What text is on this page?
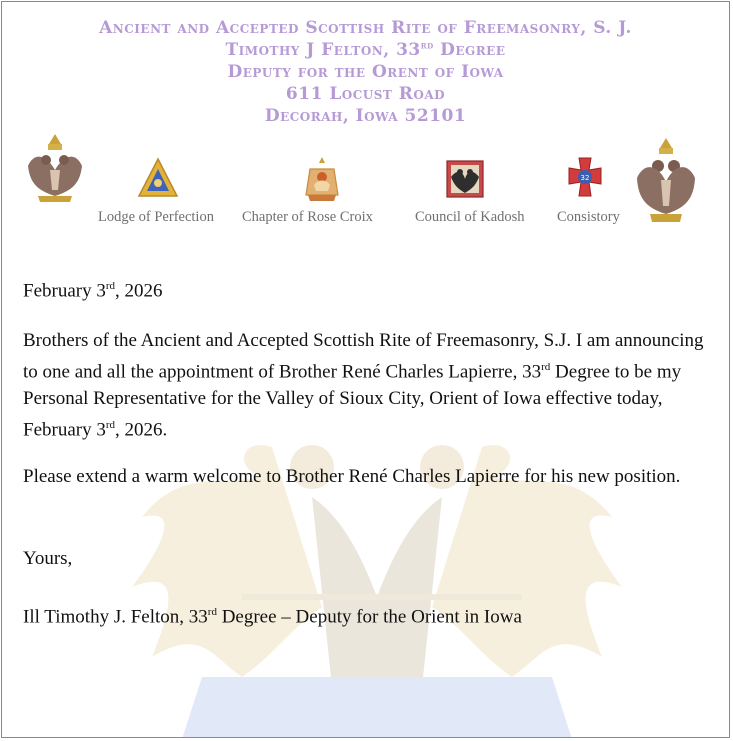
Ancient and Accepted Scottish Rite of Freemasonry, S. J.
Timothy J Felton, 33rd Degree
Deputy for the Orent of Iowa
611 Locust Road
Decorah, Iowa 52101
Lodge of Perfection Chapter of Rose Croix	Council of Kadosh
32
Consistory
February 3rd, 2026
Brothers of the Ancient and Accepted Scottish Rite of Freemasonry, S.J. I am announcing to one and all the appointment of Brother René Charles Lapierre, 33rd Degree to be my Personal Representative for the Valley of Sioux City, Orient of Iowa effective today, February 3rd, 2026.
Please extend a warm welcome to Brother René Charles Lapierre for his new position.
Yours,
Ill Timothy J. Felton, 33rd Degree – Deputy for the Orient in Iowa
